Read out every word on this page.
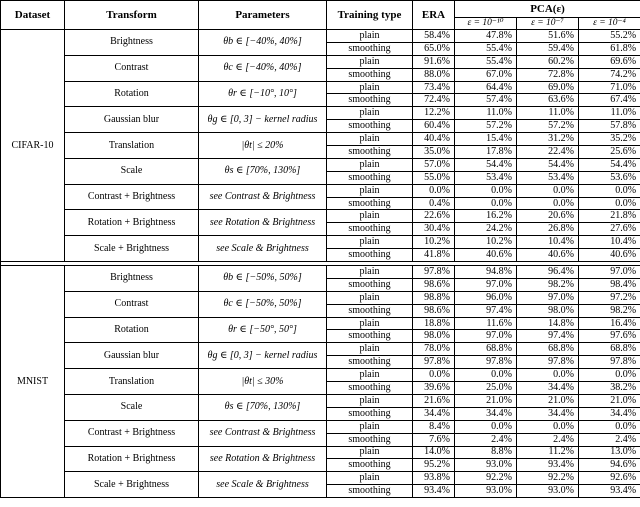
Dataset	Transform	Parameters	Training type	ERA	PCA(ε)		
					ε = 10⁻¹⁰	ε = 10⁻⁷	ε = 10⁻⁴
CIFAR-10	Brightness	θb ∈ [−40%, 40%]	plain	58.4%	47.8%	51.6%	55.2%
			smoothing	65.0%	55.4%	59.4%	61.8%
	Contrast	θc ∈ [−40%, 40%]	plain	91.6%	55.4%	60.2%	69.6%
			smoothing	88.0%	67.0%	72.8%	74.2%
	Rotation	θr ∈ [−10°, 10°]	plain	73.4%	64.4%	69.0%	71.0%
			smoothing	72.4%	57.4%	63.6%	67.4%
	Gaussian blur	θg ∈ [0, 3] − kernel radius	plain	12.2%	11.0%	11.0%	11.0%
			smoothing	60.4%	57.2%	57.2%	57.8%
	Translation	|θt| ≤ 20%	plain	40.4%	15.4%	31.2%	35.2%
			smoothing	35.0%	17.8%	22.4%	25.6%
	Scale	θs ∈ [70%, 130%]	plain	57.0%	54.4%	54.4%	54.4%
			smoothing	55.0%	53.4%	53.4%	53.6%
	Contrast + Brightness	see Contrast & Brightness	plain	0.0%	0.0%	0.0%	0.0%
			smoothing	0.4%	0.0%	0.0%	0.0%
	Rotation + Brightness	see Rotation & Brightness	plain	22.6%	16.2%	20.6%	21.8%
			smoothing	30.4%	24.2%	26.8%	27.6%
	Scale + Brightness	see Scale & Brightness	plain	10.2%	10.2%	10.4%	10.4%
			smoothing	41.8%	40.6%	40.6%	40.6%

MNIST	Brightness	θb ∈ [−50%, 50%]	plain	97.8%	94.8%	96.4%	97.0%
			smoothing	98.6%	97.0%	98.2%	98.4%
	Contrast	θc ∈ [−50%, 50%]	plain	98.8%	96.0%	97.0%	97.2%
			smoothing	98.6%	97.4%	98.0%	98.2%
	Rotation	θr ∈ [−50°, 50°]	plain	18.8%	11.6%	14.8%	16.4%
			smoothing	98.0%	97.0%	97.4%	97.6%
	Gaussian blur	θg ∈ [0, 3] − kernel radius	plain	78.0%	68.8%	68.8%	68.8%
			smoothing	97.8%	97.8%	97.8%	97.8%
	Translation	|θt| ≤ 30%	plain	0.0%	0.0%	0.0%	0.0%
			smoothing	39.6%	25.0%	34.4%	38.2%
	Scale	θs ∈ [70%, 130%]	plain	21.6%	21.0%	21.0%	21.0%
			smoothing	34.4%	34.4%	34.4%	34.4%
	Contrast + Brightness	see Contrast & Brightness	plain	8.4%	0.0%	0.0%	0.0%
			smoothing	7.6%	2.4%	2.4%	2.4%
	Rotation + Brightness	see Rotation & Brightness	plain	14.0%	8.8%	11.2%	13.0%
			smoothing	95.2%	93.0%	93.4%	94.6%
	Scale + Brightness	see Scale & Brightness	plain	93.8%	92.2%	92.2%	92.6%
			smoothing	93.4%	93.0%	93.0%	93.4%
